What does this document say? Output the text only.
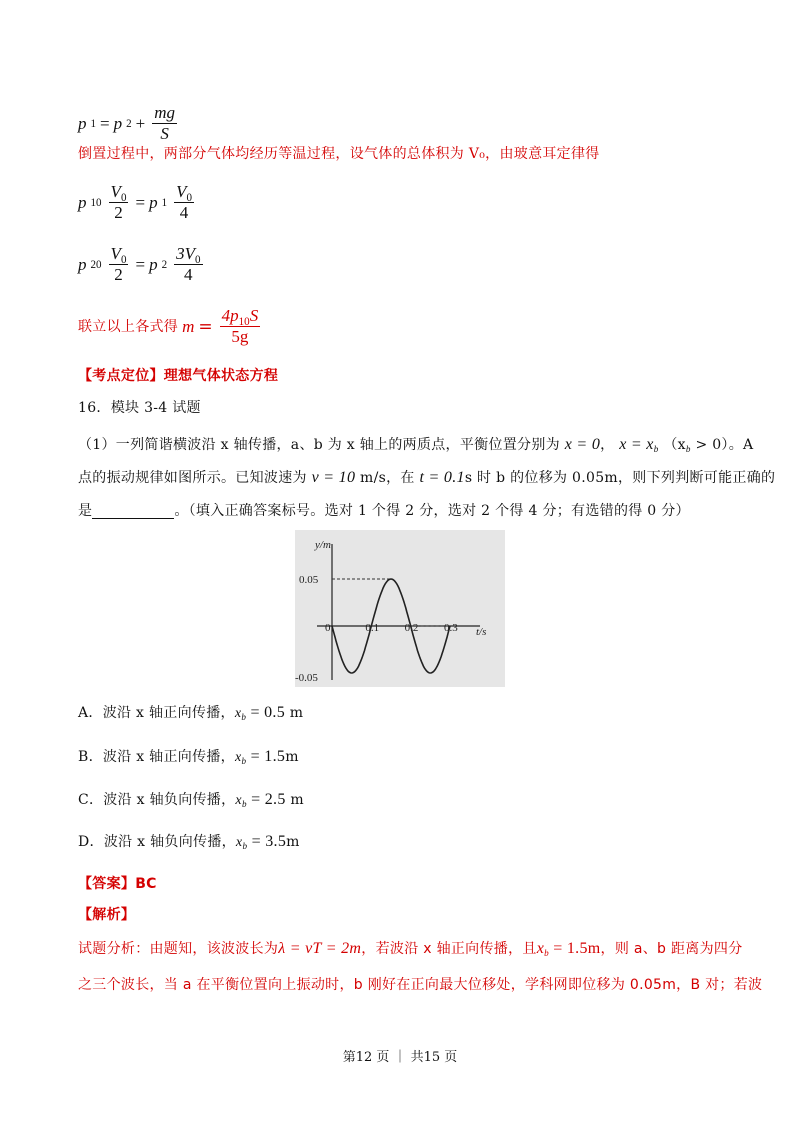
p 1 = p $2 + \frac{mg}{S}$
倒置过程中，两部分气体均经历等温过程，设气体的总体积为 V₀，由玻意耳定律得
p $10 \frac{V_0}{2} = p$ $1 \frac{V_0}{4}$
p $20 \frac{V_0}{2} = p$ $2 \frac{3V_0}{4}$
联立以上各式得 $m = \frac{4p_{10}S}{5g}$
【考点定位】理想气体状态方程
16．模块 3-4 试题
（1）一列简谐横波沿 x 轴传播，a、b 为 x 轴上的两质点，平衡位置分别为 x = 0， $x = x_b$ $(x_b > 0)$。A
点的振动规律如图所示。已知波速为 v = 10 m/s，在 t = 0.1s 时 b 的位移为 0.05m，则下列判断可能正确的
是	。（填入正确答案标号。选对 1 个得 2 分，选对 2 个得 4 分；有选错的得 0 分）
y/m
t/s
0	0.1 0.2 0.3
0.05
-0.05
A．波沿 x 轴正向传播，$x_b = 0.5$ m
B．波沿 x 轴正向传播，$x_b = 1.5m$
C．波沿 x 轴负向传播，$x_b = 2.5$ m
D．波沿 x 轴负向传播，$x_b = 3.5m$
【答案】BC
【解析】
试题分析：由题知，该波波长为λ = vT = 2m，若波沿 x 轴正向传播，且$x_b = 1.5m$，则 a、b 距离为四分
之三个波长，当 a 在平衡位置向上振动时，b 刚好在正向最大位移处，学科网即位移为 0.05m，B 对；若波
第12 页 ｜ 共15 页
